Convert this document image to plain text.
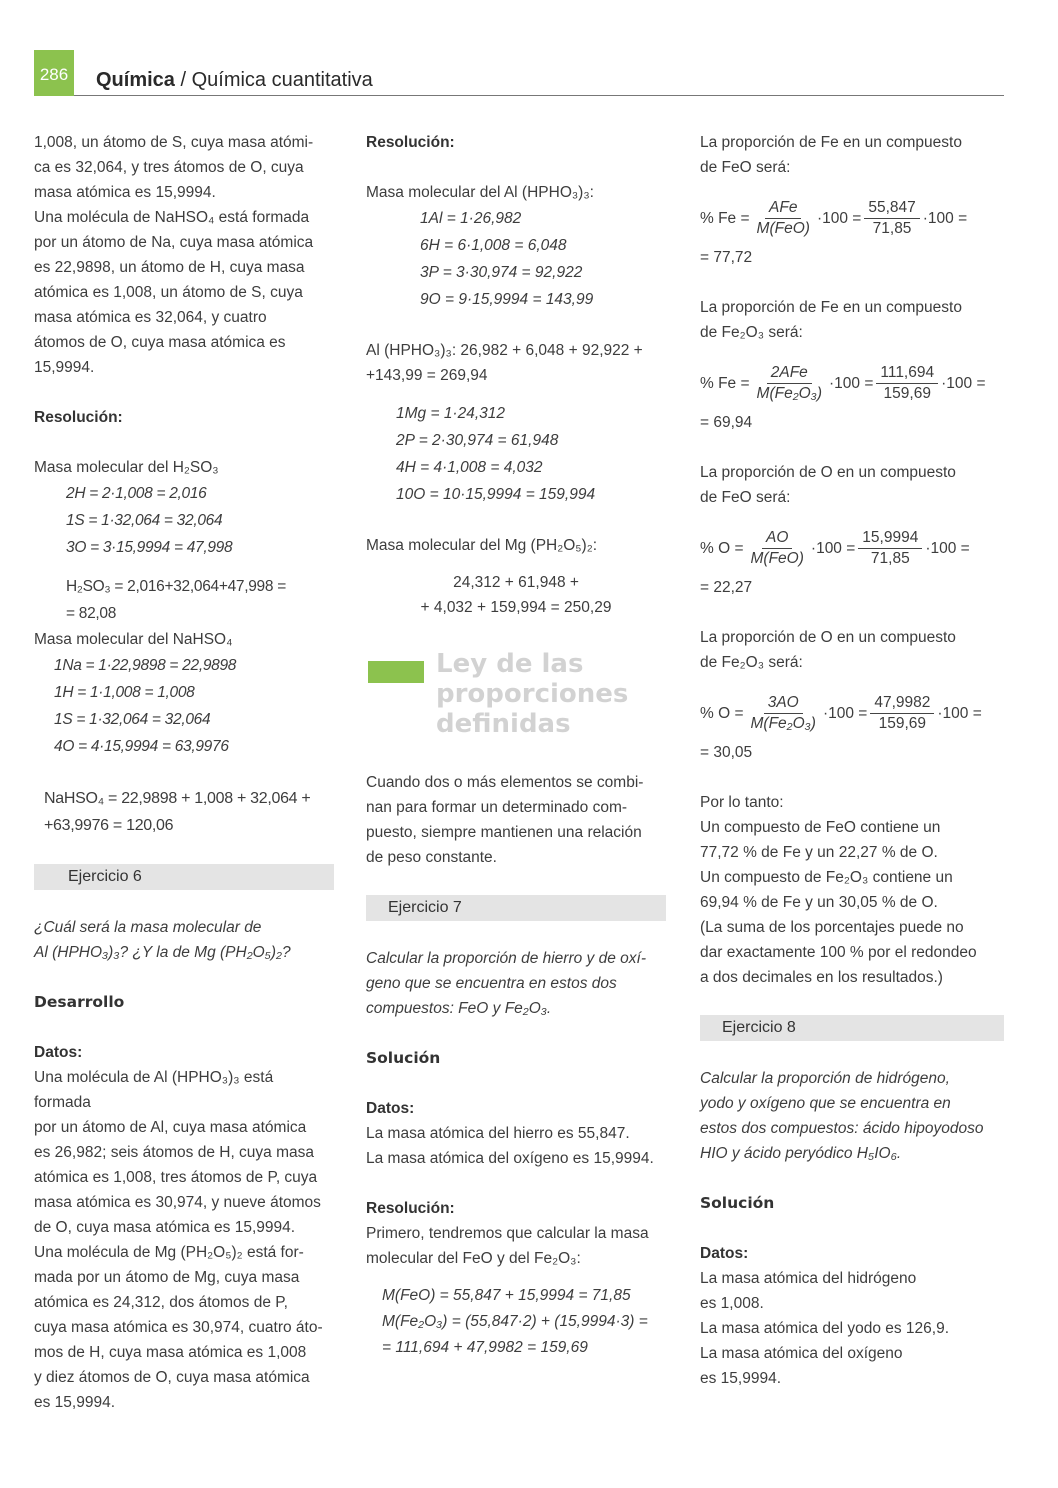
286 Química / Química cuantitativa

1,008, un átomo de S, cuya masa atómi-

ca es 32,064, y tres átomos de O, cuya

masa atómica es 15,9994.

Una molécula de NaHSO₄ está formada

por un átomo de Na, cuya masa atómica

es 22,9898, un átomo de H, cuya masa

atómica es 1,008, un átomo de S, cuya

masa atómica es 32,064, y cuatro

átomos de O, cuya masa atómica es

15,9994.

Resolución:

Masa molecular del H₂SO₃

2H = 2·1,008 = 2,016

1S = 1·32,064 = 32,064

3O = 3·15,9994 = 47,998

H₂SO₃ = 2,016+32,064+47,998 =

= 82,08

Masa molecular del NaHSO₄

1Na = 1·22,9898 = 22,9898

1H = 1·1,008 = 1,008

1S = 1·32,064 = 32,064

4O = 4·15,9994 = 63,9976

NaHSO₄ = 22,9898 + 1,008 + 32,064 +

+63,9976 = 120,06

Ejercicio 6

¿Cuál será la masa molecular de

Al (HPHO₃)₃? ¿Y la de Mg (PH₂O₅)₂?

Desarrollo

Datos:

Una molécula de Al (HPHO₃)₃ está formada

por un átomo de Al, cuya masa atómica

es 26,982; seis átomos de H, cuya masa

atómica es 1,008, tres átomos de P, cuya

masa atómica es 30,974, y nueve átomos

de O, cuya masa atómica es 15,9994.

Una molécula de Mg (PH₂O₅)₂ está for-

mada por un átomo de Mg, cuya masa

atómica es 24,312, dos átomos de P,

cuya masa atómica es 30,974, cuatro áto-

mos de H, cuya masa atómica es 1,008

y diez átomos de O, cuya masa atómica

es 15,9994.

Resolución:

Masa molecular del Al (HPHO₃)₃:

1Al = 1·26,982

6H = 6·1,008 = 6,048

3P = 3·30,974 = 92,922

9O = 9·15,9994 = 143,99

Al (HPHO₃)₃: 26,982 + 6,048 + 92,922 +

+143,99 = 269,94

1Mg = 1·24,312

2P = 2·30,974 = 61,948

4H = 4·1,008 = 4,032

10O = 10·15,9994 = 159,994

Masa molecular del Mg (PH₂O₅)₂:

24,312 + 61,948 +

+ 4,032 + 159,994 = 250,29

Ley de las
proporciones
definidas

Cuando dos o más elementos se combi-

nan para formar un determinado com-

puesto, siempre mantienen una relación

de peso constante.

Ejercicio 7

Calcular la proporción de hierro y de oxí-

geno que se encuentra en estos dos

compuestos: FeO y Fe₂O₃.

Solución

Datos:

La masa atómica del hierro es 55,847.

La masa atómica del oxígeno es 15,9994.

Resolución:

Primero, tendremos que calcular la masa

molecular del FeO y del Fe₂O₃:

M(FeO) = 55,847 + 15,9994 = 71,85

M(Fe₂O₃) = (55,847·2) + (15,9994·3) =

= 111,694 + 47,9982 = 159,69

La proporción de Fe en un compuesto

de FeO será:

% $Fe = \frac{\text{AFe}}{\text{M(FeO)}} \cdot 100 = \frac{55,847}{71,85} \cdot 100$ =

= 77,72

La proporción de Fe en un compuesto

de Fe₂O₃ será:

% $Fe = \frac{\text{2AFe}}{\text{M(Fe₂O₃)}} \cdot 100 = \frac{111,694}{159,69} \cdot 100$ =

= 69,94

La proporción de O en un compuesto

de FeO será:

% $O = \frac{AO}{\text{M(FeO)}} \cdot 100 = \frac{15,9994}{71,85} \cdot 100$ =

= 22,27

La proporción de O en un compuesto

de Fe₂O₃ será:

% $O = \frac{3AO}{\text{M(Fe₂O₃)}} \cdot 100 = \frac{47,9982}{159,69} \cdot 100$ =

= 30,05

Por lo tanto:

Un compuesto de FeO contiene un

77,72 % de Fe y un 22,27 % de O.

Un compuesto de Fe₂O₃ contiene un

69,94 % de Fe y un 30,05 % de O.

(La suma de los porcentajes puede no

dar exactamente 100 % por el redondeo

a dos decimales en los resultados.)

Ejercicio 8

Calcular la proporción de hidrógeno,

yodo y oxígeno que se encuentra en

estos dos compuestos: ácido hipoyodoso

HIO y ácido peryódico H₅IO₆.

Solución

Datos:

La masa atómica del hidrógeno

es 1,008.

La masa atómica del yodo es 126,9.

La masa atómica del oxígeno

es 15,9994.
